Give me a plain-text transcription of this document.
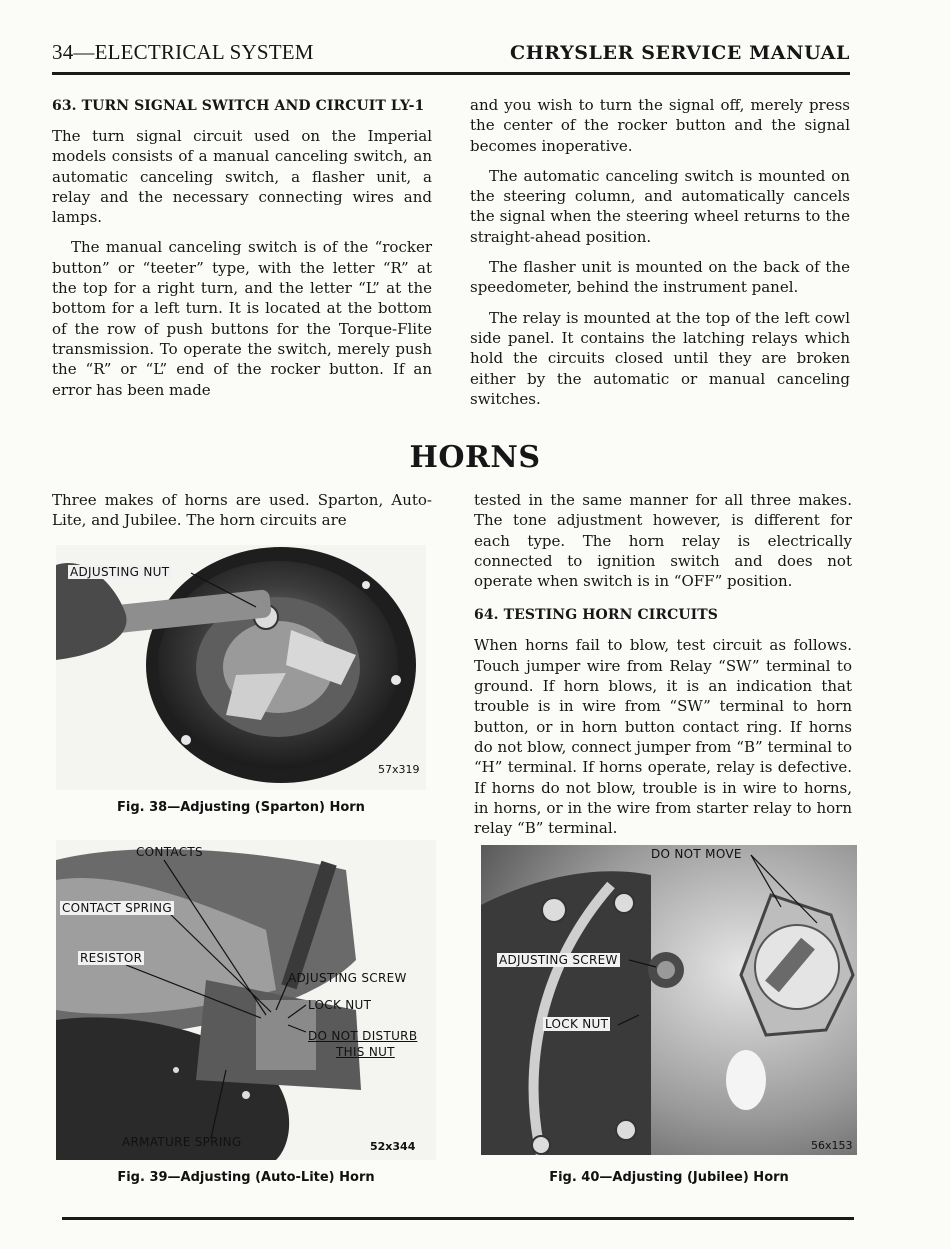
34—ELECTRICAL SYSTEM	CHRYSLER SERVICE MANUAL
63. TURN SIGNAL SWITCH AND CIRCUIT LY-1

The turn signal circuit used on the Imperial models consists of a manual canceling switch, an automatic canceling switch, a flasher unit, a relay and the necessary connecting wires and lamps.

The manual canceling switch is of the “rocker button” or “teeter” type, with the letter “R” at the top for a right turn, and the letter “L” at the bottom for a left turn. It is located at the bottom of the row of push buttons for the Torque-Flite transmission. To operate the switch, merely push the “R” or “L” end of the rocker button. If an error has been made

and you wish to turn the signal off, merely press the center of the rocker button and the signal becomes inoperative.

The automatic canceling switch is mounted on the steering column, and automatically cancels the signal when the steering wheel returns to the straight-ahead position.

The flasher unit is mounted on the back of the speedometer, behind the instrument panel.

The relay is mounted at the top of the left cowl side panel. It contains the latching relays which hold the circuits closed until they are broken either by the automatic or manual canceling switches.

HORNS

Three makes of horns are used. Sparton, Auto-Lite, and Jubilee. The horn circuits are

tested in the same manner for all three makes. The tone adjustment however, is different for each type. The horn relay is electrically connected to ignition switch and does not operate when switch is in “OFF” position.

64. TESTING HORN CIRCUITS

When horns fail to blow, test circuit as follows. Touch jumper wire from Relay “SW” terminal to ground. If horn blows, it is an indication that trouble is in wire from “SW” terminal to horn button, or in horn button contact ring. If horns do not blow, connect jumper from “B” terminal to “H” terminal. If horns operate, relay is defective. If horns do not blow, trouble is in wire to horns, in horns, or in the wire from starter relay to horn relay “B” terminal.

ADJUSTING NUT
57x319
Fig. 38—Adjusting (Sparton) Horn
CONTACTS
CONTACT SPRING
RESISTOR
ADJUSTING SCREW
LOCK NUT
DO NOT DISTURB
THIS NUT
ARMATURE SPRING	52x344
Fig. 39—Adjusting (Auto-Lite) Horn
DO NOT MOVE
ADJUSTING SCREW
LOCK NUT
56x153
Fig. 40—Adjusting (Jubilee) Horn
